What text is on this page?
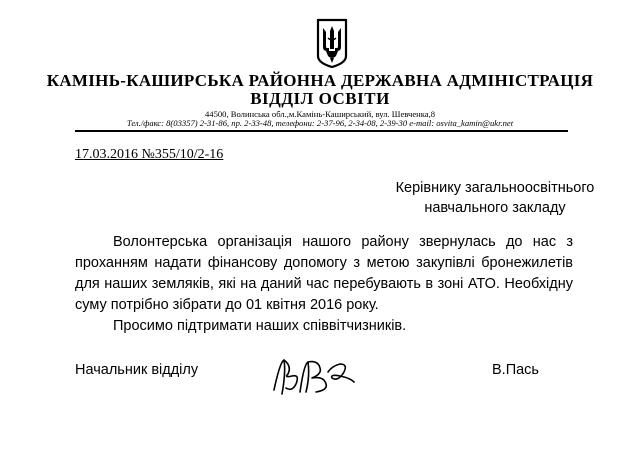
КАМІНЬ-КАШИРСЬКА РАЙОННА ДЕРЖАВНА АДМІНІСТРАЦІЯ
ВІДДІЛ ОСВІТИ
44500, Волинська обл.,м.Камінь-Каширський, вул. Шевченка,8
Тел./факс: 8(03357) 2-31-86, пр. 2-33-48, телефони: 2-37-96, 2-34-08, 2-39-30 e-mail: osvita_kamin@ukr.net
17.03.2016 №355/10/2-16
Керівнику загальноосвітнього
навчального закладу

Волонтерська організація нашого району звернулась до нас з проханням надати фінансову допомогу з метою закупівлі бронежилетів для наших земляків, які на даний час перебувають в зоні АТО. Необхідну суму потрібно зібрати до 01 квітня 2016 року.

Просимо підтримати наших співвітчизників.

Начальник відділу	В.Пась
